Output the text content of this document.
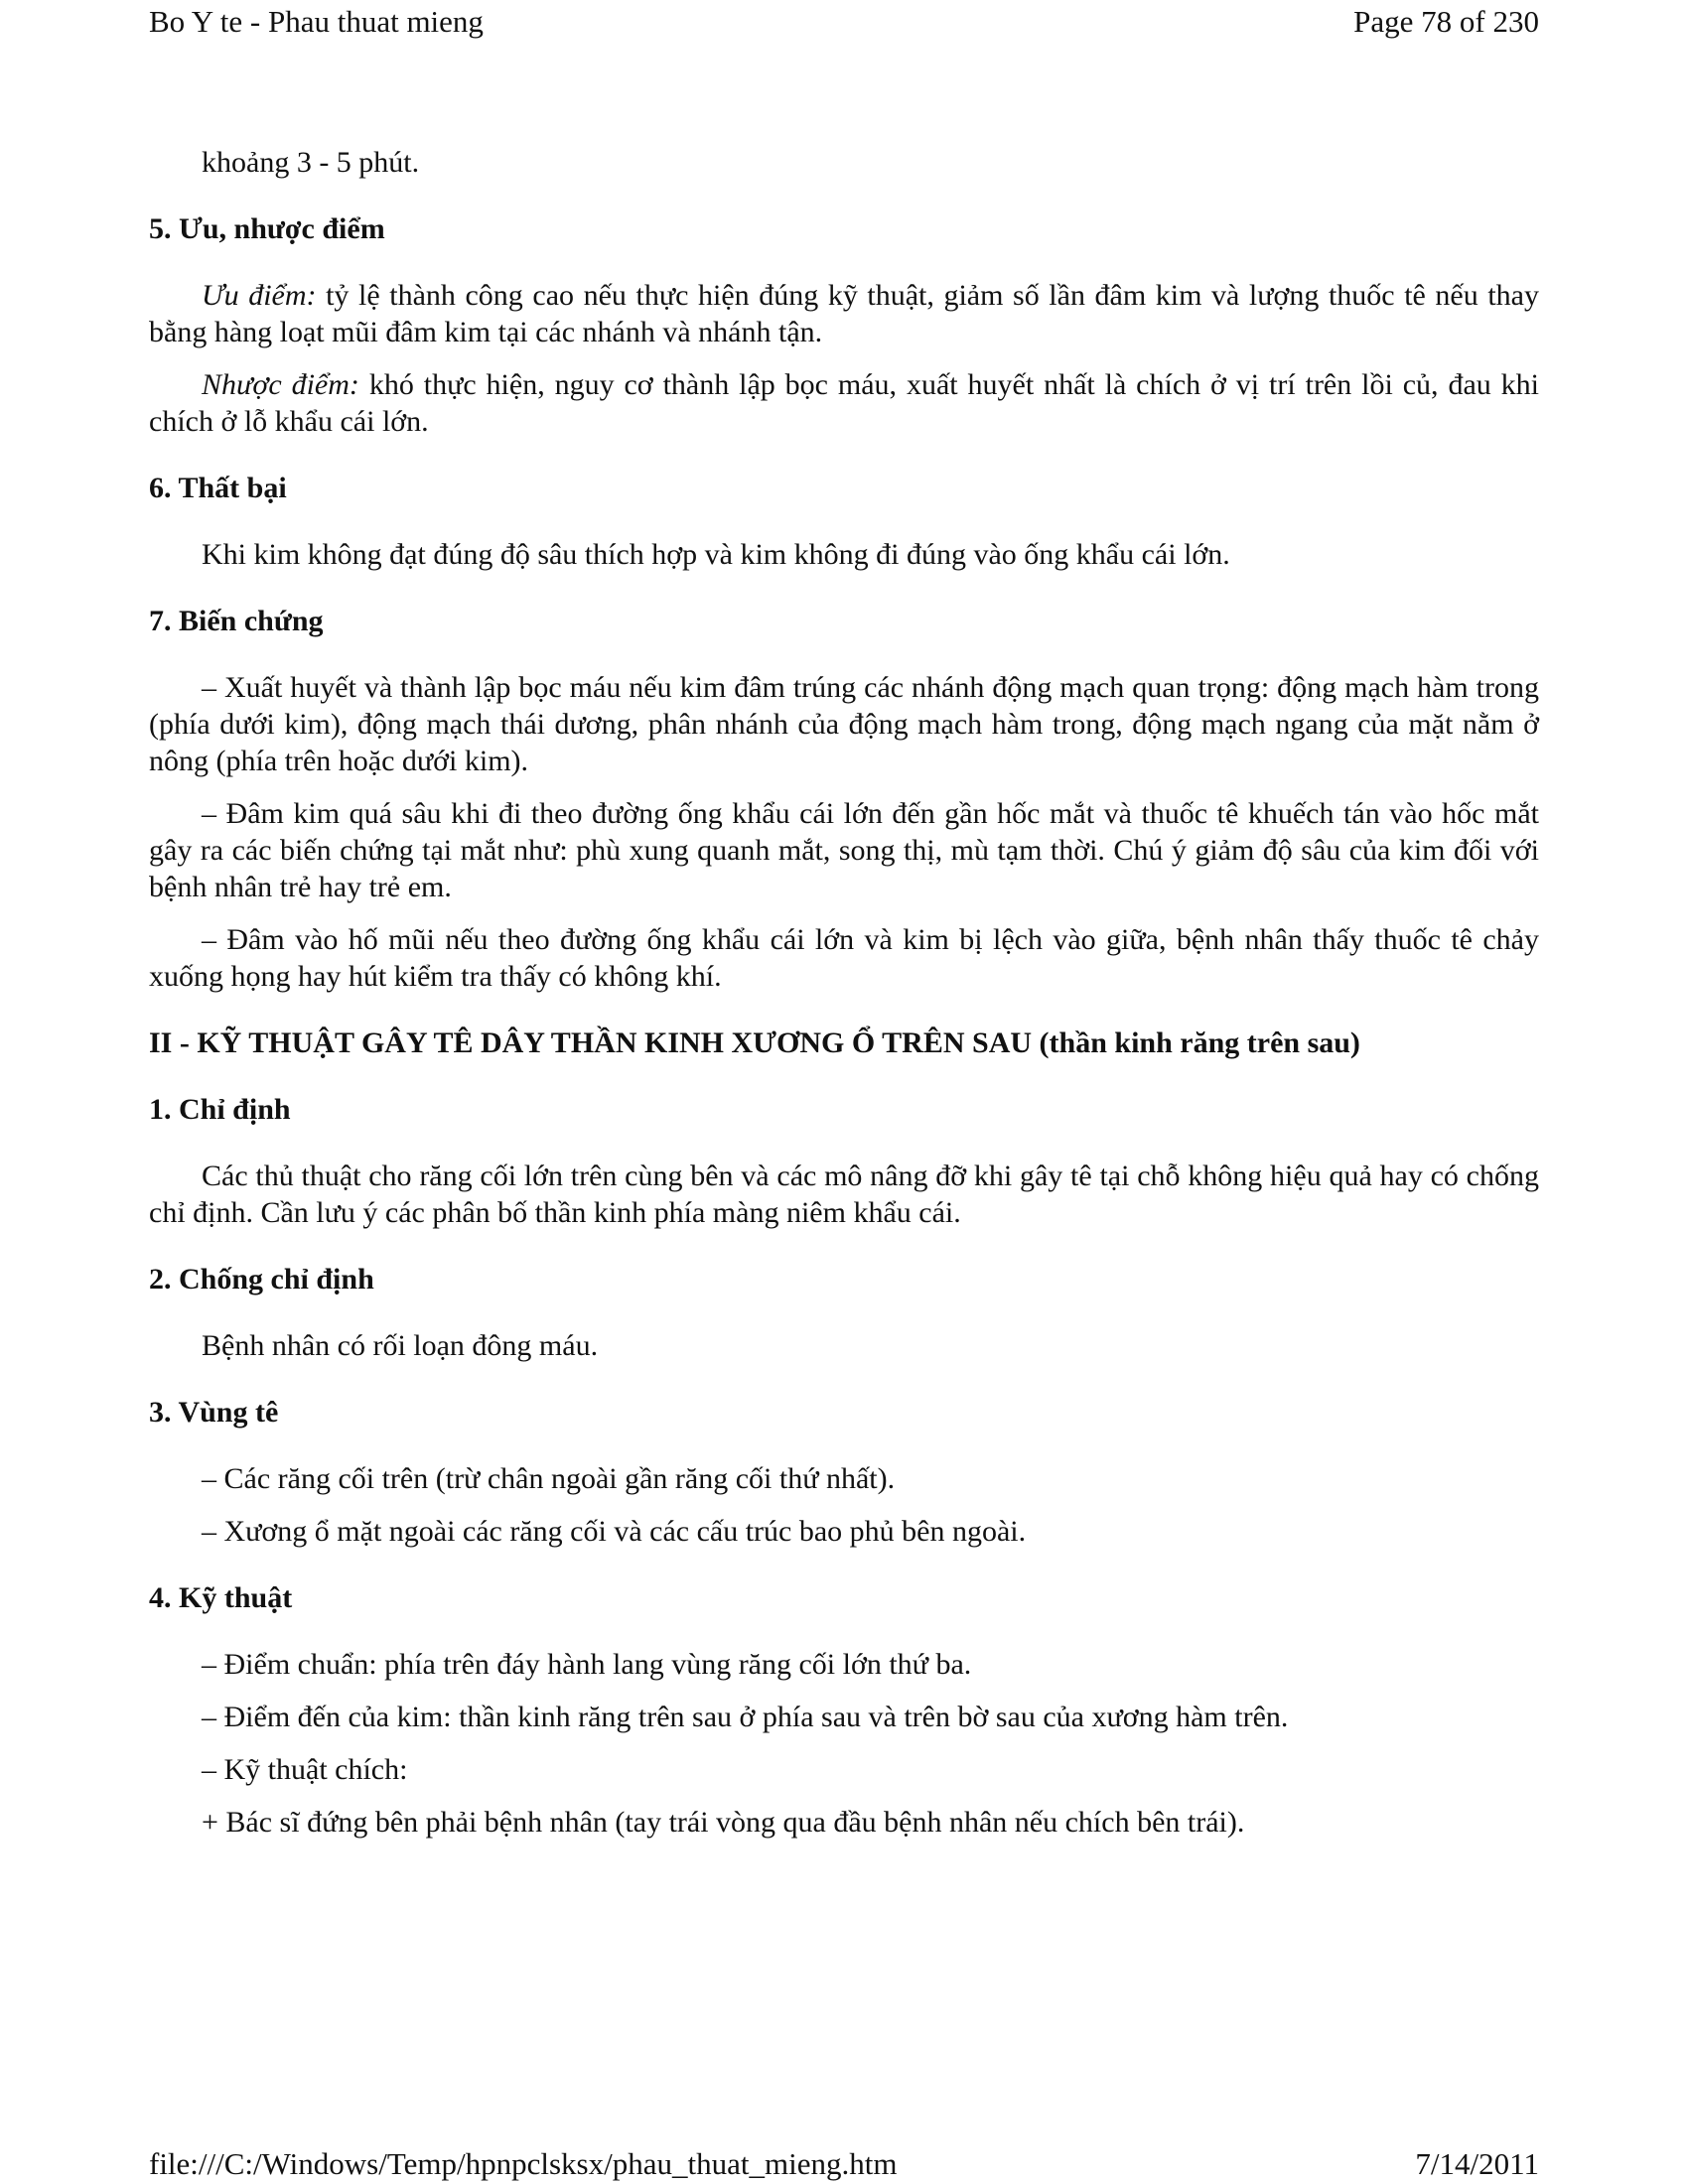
Bo Y te - Phau thuat mieng	Page 78 of 230

khoảng 3 - 5 phút.

5. Ưu, nhược điểm

Ưu điểm: tỷ lệ thành công cao nếu thực hiện đúng kỹ thuật, giảm số lần đâm kim và lượng thuốc tê nếu thay bằng hàng loạt mũi đâm kim tại các nhánh và nhánh tận.

Nhược điểm: khó thực hiện, nguy cơ thành lập bọc máu, xuất huyết nhất là chích ở vị trí trên lồi củ, đau khi chích ở lỗ khẩu cái lớn.

6. Thất bại

Khi kim không đạt đúng độ sâu thích hợp và kim không đi đúng vào ống khẩu cái lớn.

7. Biến chứng

– Xuất huyết và thành lập bọc máu nếu kim đâm trúng các nhánh động mạch quan trọng: động mạch hàm trong (phía dưới kim), động mạch thái dương, phân nhánh của động mạch hàm trong, động mạch ngang của mặt nằm ở nông (phía trên hoặc dưới kim).

– Đâm kim quá sâu khi đi theo đường ống khẩu cái lớn đến gần hốc mắt và thuốc tê khuếch tán vào hốc mắt gây ra các biến chứng tại mắt như: phù xung quanh mắt, song thị, mù tạm thời. Chú ý giảm độ sâu của kim đối với bệnh nhân trẻ hay trẻ em.

– Đâm vào hố mũi nếu theo đường ống khẩu cái lớn và kim bị lệch vào giữa, bệnh nhân thấy thuốc tê chảy xuống họng hay hút kiểm tra thấy có không khí.

II - KỸ THUẬT GÂY TÊ DÂY THẦN KINH XƯƠNG Ổ TRÊN SAU (thần kinh răng trên sau)
1. Chỉ định

Các thủ thuật cho răng cối lớn trên cùng bên và các mô nâng đỡ khi gây tê tại chỗ không hiệu quả hay có chống chỉ định. Cần lưu ý các phân bố thần kinh phía màng niêm khẩu cái.

2. Chống chỉ định

Bệnh nhân có rối loạn đông máu.

3. Vùng tê

– Các răng cối trên (trừ chân ngoài gần răng cối thứ nhất).

– Xương ổ mặt ngoài các răng cối và các cấu trúc bao phủ bên ngoài.

4. Kỹ thuật

– Điểm chuẩn: phía trên đáy hành lang vùng răng cối lớn thứ ba.

– Điểm đến của kim: thần kinh răng trên sau ở phía sau và trên bờ sau của xương hàm trên.

– Kỹ thuật chích:

+ Bác sĩ đứng bên phải bệnh nhân (tay trái vòng qua đầu bệnh nhân nếu chích bên trái).

file:///C:/Windows/Temp/hpnpclsksx/phau_thuat_mieng.htm	7/14/2011
